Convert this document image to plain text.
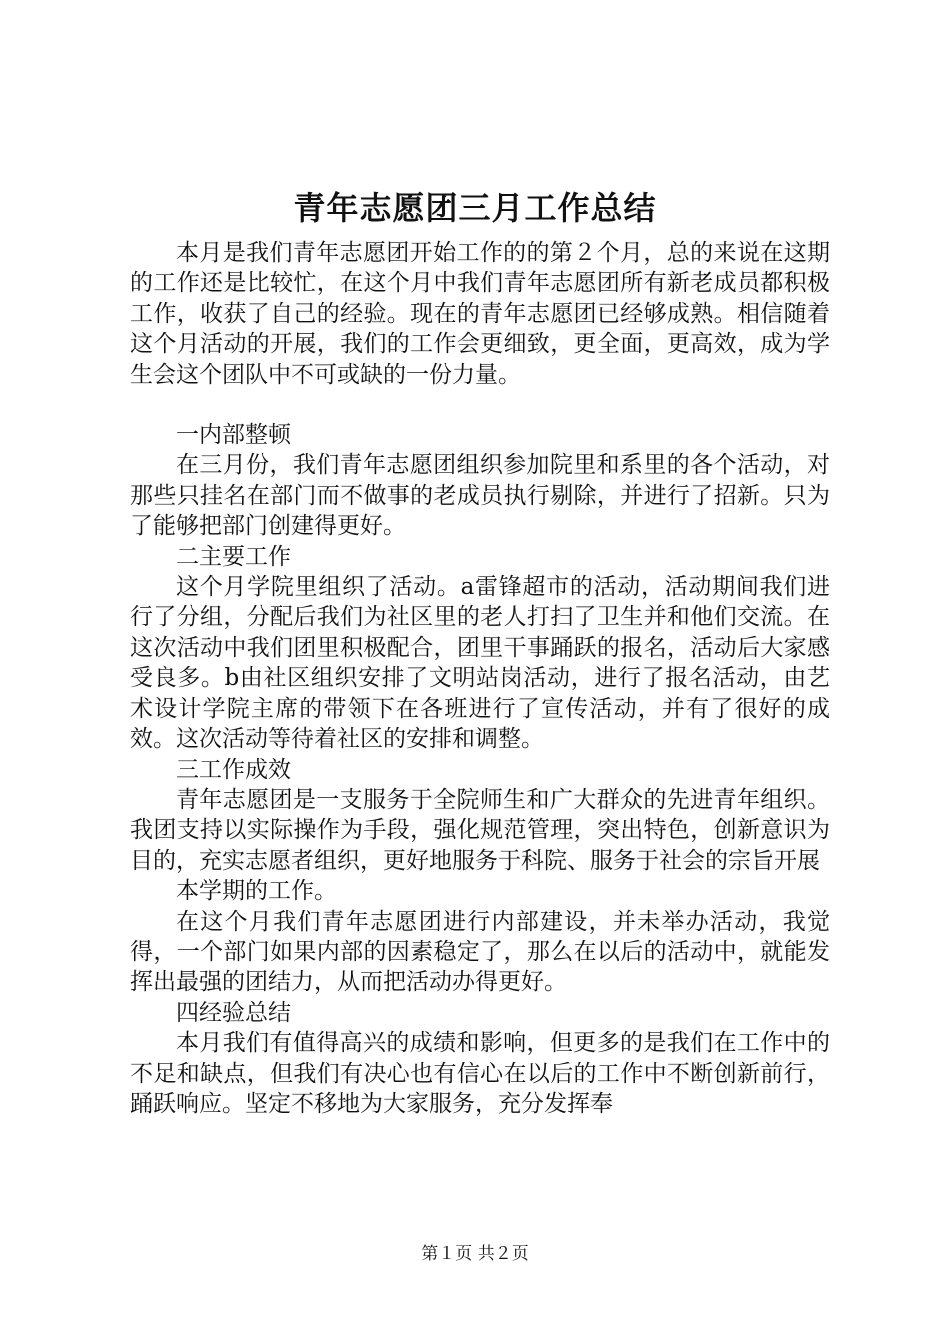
青年志愿团三月工作总结

本月是我们青年志愿团开始工作的的第２个月，总的来说在这期的工作还是比较忙，在这个月中我们青年志愿团所有新老成员都积极工作，收获了自己的经验。现在的青年志愿团已经够成熟。相信随着这个月活动的开展，我们的工作会更细致，更全面，更高效，成为学生会这个团队中不可或缺的一份力量。

一内部整顿

在三月份，我们青年志愿团组织参加院里和系里的各个活动，对那些只挂名在部门而不做事的老成员执行剔除，并进行了招新。只为了能够把部门创建得更好。

二主要工作

这个月学院里组织了活动。a雷锋超市的活动，活动期间我们进行了分组，分配后我们为社区里的老人打扫了卫生并和他们交流。在这次活动中我们团里积极配合，团里干事踊跃的报名，活动后大家感受良多。b由社区组织安排了文明站岗活动，进行了报名活动，由艺术设计学院主席的带领下在各班进行了宣传活动，并有了很好的成效。这次活动等待着社区的安排和调整。

三工作成效

青年志愿团是一支服务于全院师生和广大群众的先进青年组织。我团支持以实际操作为手段，强化规范管理，突出特色，创新意识为目的，充实志愿者组织，更好地服务于科院、服务于社会的宗旨开展

本学期的工作。

在这个月我们青年志愿团进行内部建设，并未举办活动，我觉得，一个部门如果内部的因素稳定了，那么在以后的活动中，就能发挥出最强的团结力，从而把活动办得更好。

四经验总结

本月我们有值得高兴的成绩和影响，但更多的是我们在工作中的不足和缺点，但我们有决心也有信心在以后的工作中不断创新前行，踊跃响应。坚定不移地为大家服务，充分发挥奉

第１页 共２页
